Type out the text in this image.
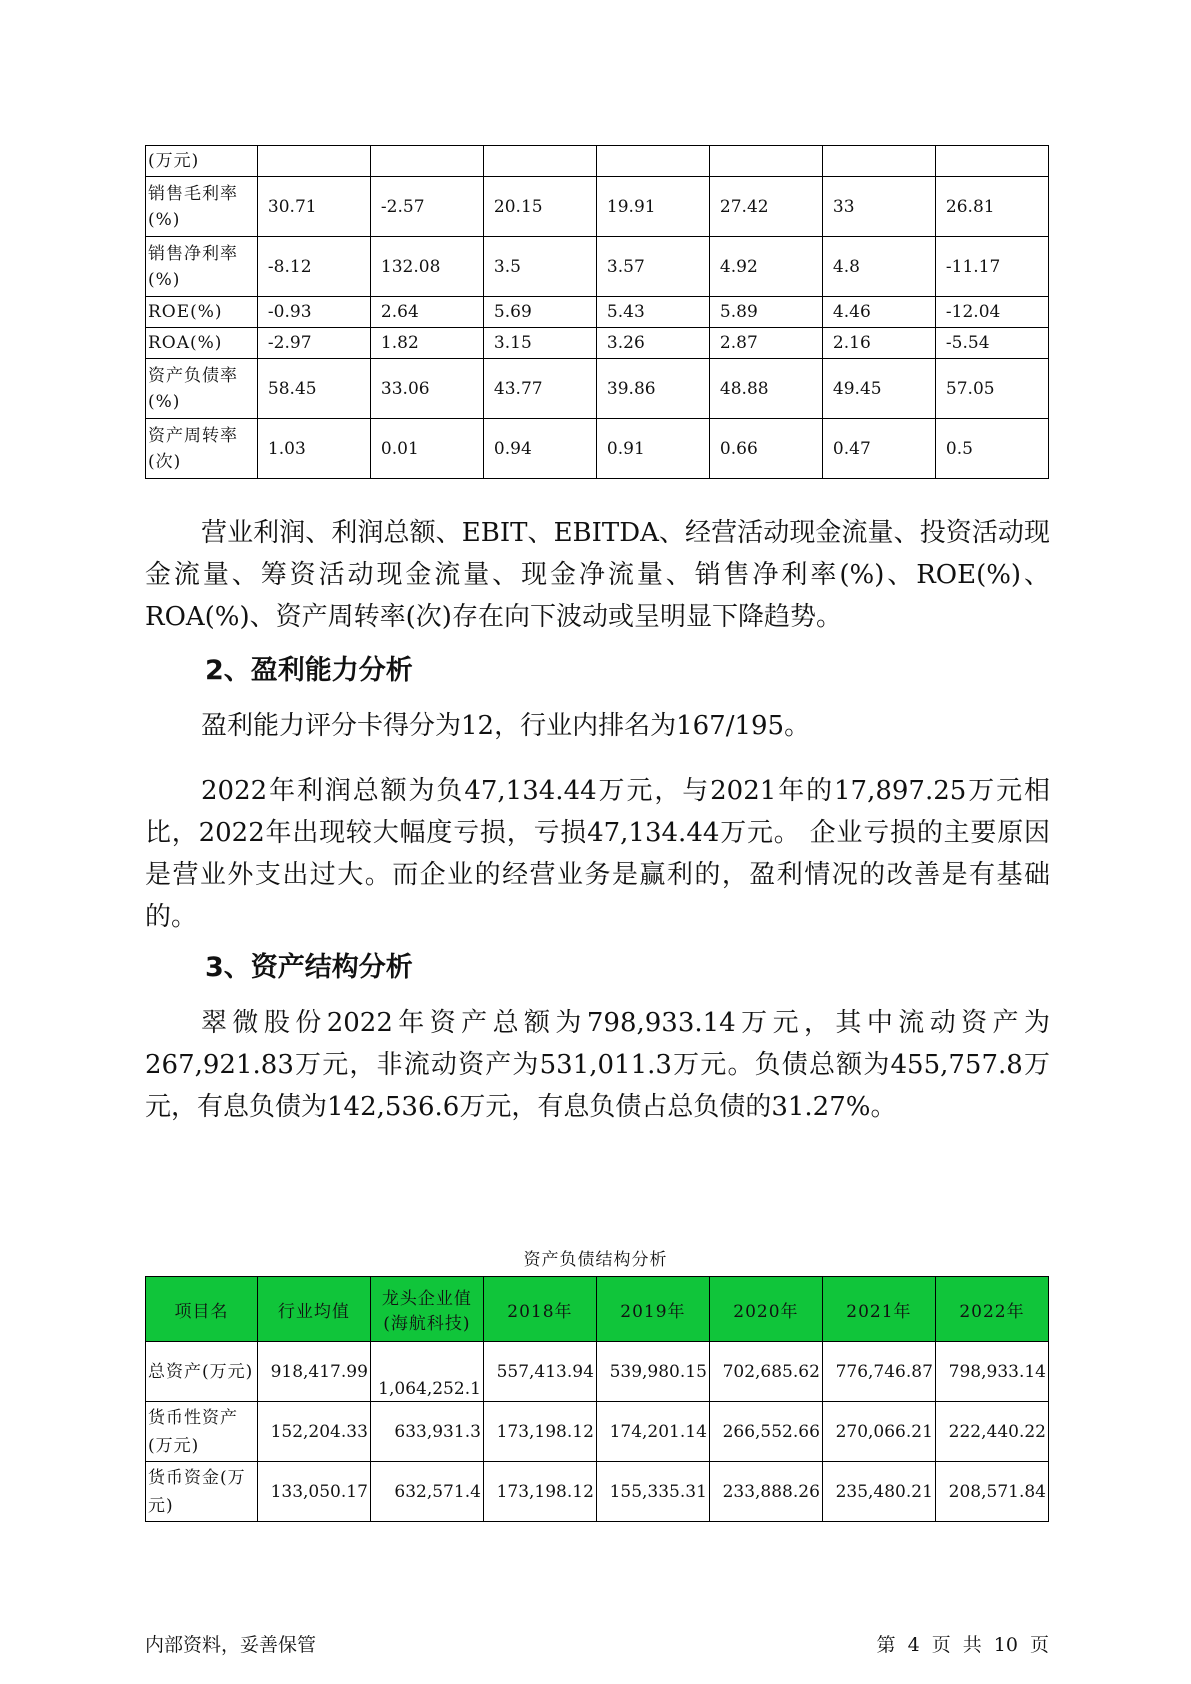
(万元)							
销售毛利率(%)	30.71	-2.57	20.15	19.91	27.42	33	26.81
销售净利率(%)	-8.12	132.08	3.5	3.57	4.92	4.8	-11.17
ROE(%)	-0.93	2.64	5.69	5.43	5.89	4.46	-12.04
ROA(%)	-2.97	1.82	3.15	3.26	2.87	2.16	-5.54
资产负债率(%)	58.45	33.06	43.77	39.86	48.88	49.45	57.05
资产周转率(次)	1.03	0.01	0.94	0.91	0.66	0.47	0.5
营业利润、利润总额、EBIT、EBITDA、经营活动现金流量、投资活动现金流量、筹资活动现金流量、现金净流量、销售净利率(%)、ROE(%)、ROA(%)、资产周转率(次)存在向下波动或呈明显下降趋势。
2、盈利能力分析
盈利能力评分卡得分为12，行业内排名为167/195。
2022年利润总额为负47,134.44万元，与2021年的17,897.25万元相比，2022年出现较大幅度亏损，亏损47,134.44万元。 企业亏损的主要原因是营业外支出过大。而企业的经营业务是赢利的，盈利情况的改善是有基础的。
3、资产结构分析
翠微股份2022年资产总额为798,933.14万元，其中流动资产为267,921.83万元，非流动资产为531,011.3万元。负债总额为455,757.8万元，有息负债为142,536.6万元，有息负债占总负债的31.27%。
资产负债结构分析
项目名	行业均值	龙头企业值(海航科技)	2018年	2019年	2020年	2021年	2022年
总资产(万元)	918,417.99	1,064,252.1	557,413.94	539,980.15	702,685.62	776,746.87	798,933.14
货币性资产(万元)	152,204.33	633,931.3	173,198.12	174,201.14	266,552.66	270,066.21	222,440.22
货币资金(万元)	133,050.17	632,571.4	173,198.12	155,335.31	233,888.26	235,480.21	208,571.84
内部资料，妥善保管	第 4 页 共 10 页
